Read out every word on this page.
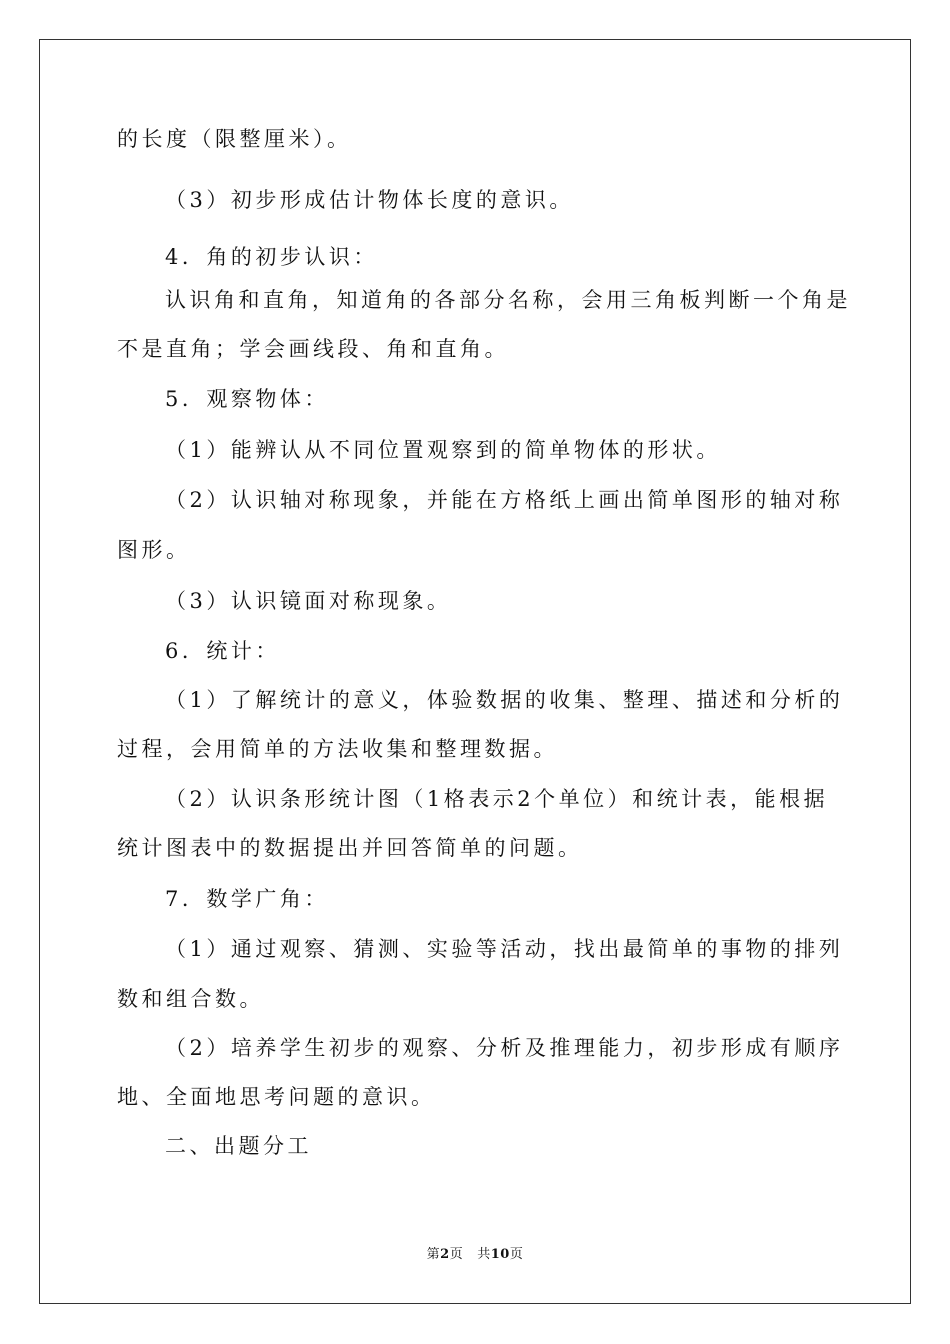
的长度（限整厘米）。
（3）初步形成估计物体长度的意识。
4．角的初步认识：
认识角和直角，知道角的各部分名称，会用三角板判断一个角是
不是直角；学会画线段、角和直角。
5．观察物体：
（1）能辨认从不同位置观察到的简单物体的形状。
（2）认识轴对称现象，并能在方格纸上画出简单图形的轴对称
图形。
（3）认识镜面对称现象。
6．统计：
（1）了解统计的意义，体验数据的收集、整理、描述和分析的
过程，会用简单的方法收集和整理数据。
（2）认识条形统计图（1格表示2个单位）和统计表，能根据
统计图表中的数据提出并回答简单的问题。
7．数学广角：
（1）通过观察、猜测、实验等活动，找出最简单的事物的排列
数和组合数。
（2）培养学生初步的观察、分析及推理能力，初步形成有顺序
地、全面地思考问题的意识。
二、出题分工
第2页 共10页
